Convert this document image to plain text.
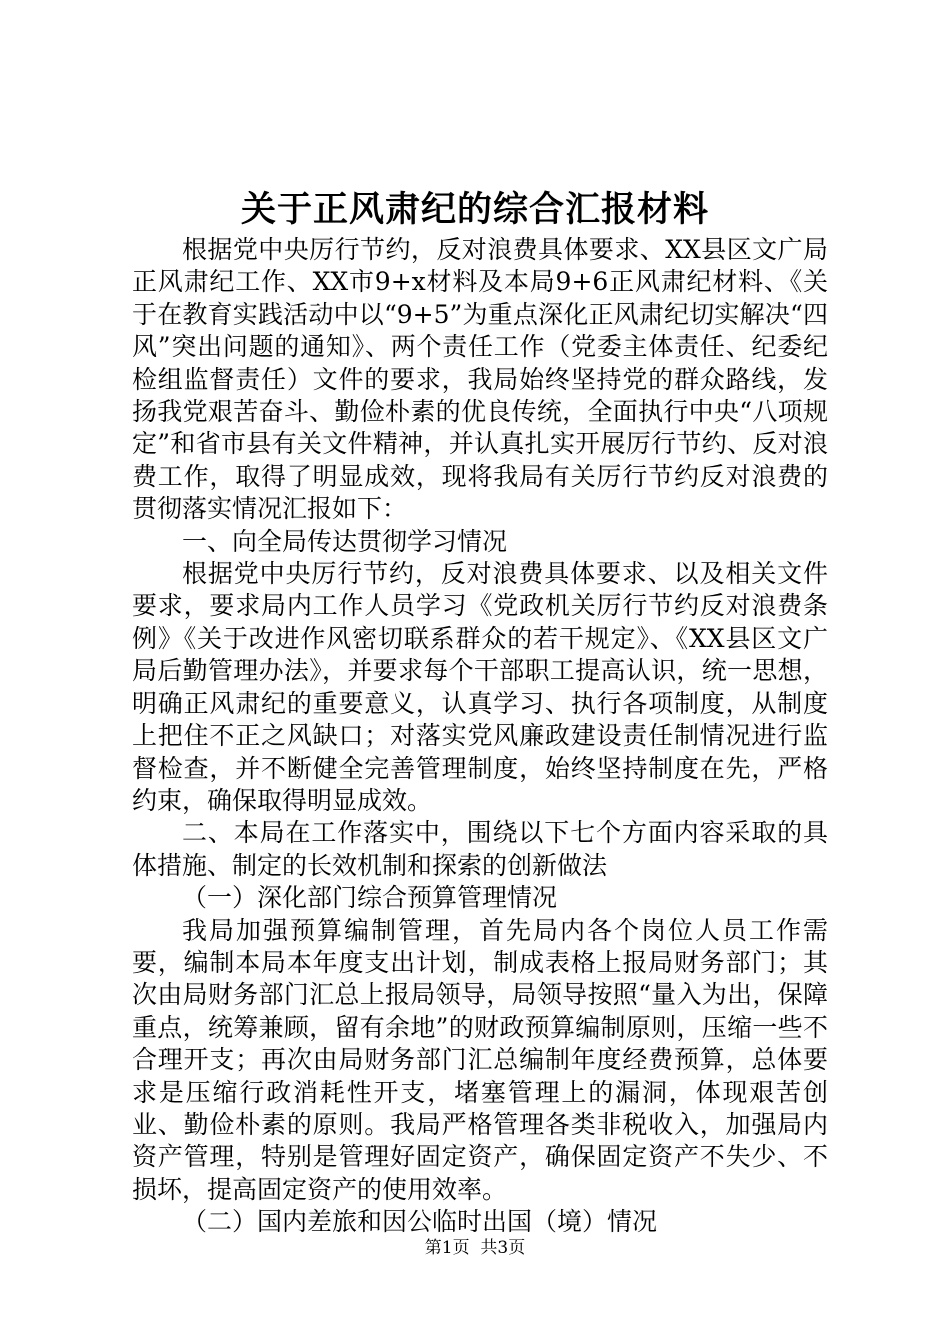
关于正风肃纪的综合汇报材料

根据党中央厉行节约，反对浪费具体要求、XX县区文广局正风肃纪工作、XX市9+x材料及本局9+6正风肃纪材料、《关于在教育实践活动中以“9+5”为重点深化正风肃纪切实解决“四风”突出问题的通知》、两个责任工作（党委主体责任、纪委纪检组监督责任）文件的要求，我局始终坚持党的群众路线，发扬我党艰苦奋斗、勤俭朴素的优良传统，全面执行中央“八项规定”和省市县有关文件精神，并认真扎实开展厉行节约、反对浪费工作，取得了明显成效，现将我局有关厉行节约反对浪费的贯彻落实情况汇报如下：

一、向全局传达贯彻学习情况

根据党中央厉行节约，反对浪费具体要求、以及相关文件要求，要求局内工作人员学习《党政机关厉行节约反对浪费条例》《关于改进作风密切联系群众的若干规定》、《XX县区文广局后勤管理办法》，并要求每个干部职工提高认识，统一思想，明确正风肃纪的重要意义，认真学习、执行各项制度，从制度上把住不正之风缺口；对落实党风廉政建设责任制情况进行监督检查，并不断健全完善管理制度，始终坚持制度在先，严格约束，确保取得明显成效。

二、本局在工作落实中，围绕以下七个方面内容采取的具体措施、制定的长效机制和探索的创新做法

（一）深化部门综合预算管理情况

我局加强预算编制管理，首先局内各个岗位人员工作需要，编制本局本年度支出计划，制成表格上报局财务部门；其次由局财务部门汇总上报局领导，局领导按照“量入为出，保障重点，统筹兼顾，留有余地”的财政预算编制原则，压缩一些不合理开支；再次由局财务部门汇总编制年度经费预算，总体要求是压缩行政消耗性开支，堵塞管理上的漏洞，体现艰苦创业、勤俭朴素的原则。我局严格管理各类非税收入，加强局内资产管理，特别是管理好固定资产，确保固定资产不失少、不损坏，提高固定资产的使用效率。

（二）国内差旅和因公临时出国（境）情况

第1页 共3页
